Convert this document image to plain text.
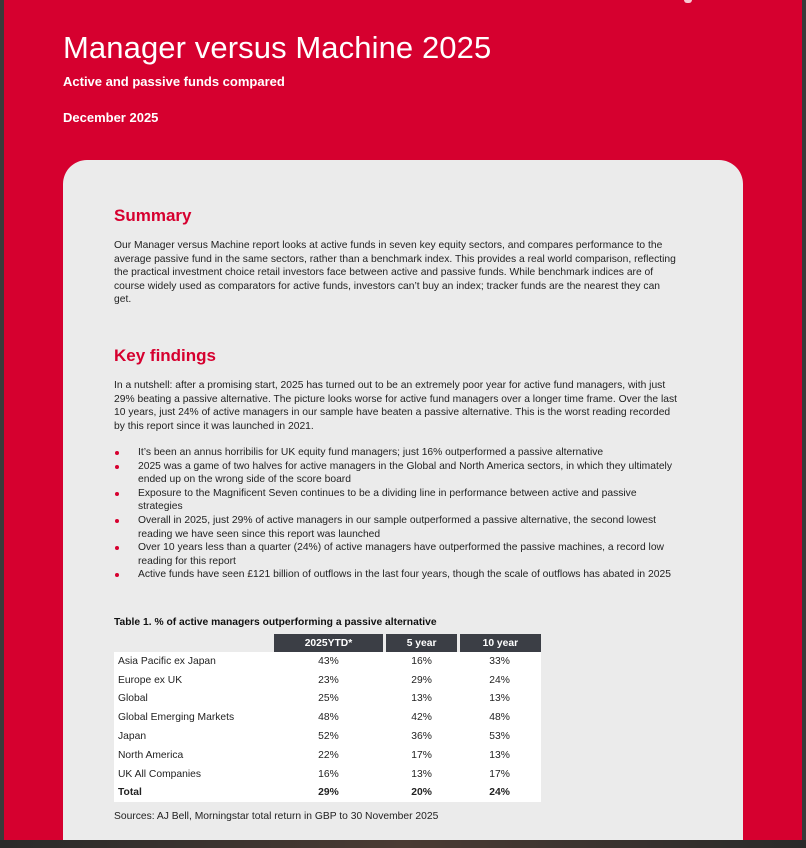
Manager versus Machine 2025
Active and passive funds compared
December 2025
Summary

Our Manager versus Machine report looks at active funds in seven key equity sectors, and compares performance to the average passive fund in the same sectors, rather than a benchmark index. This provides a real world comparison, reflecting the practical investment choice retail investors face between active and passive funds. While benchmark indices are of course widely used as comparators for active funds, investors can’t buy an index; tracker funds are the nearest they can get.

Key findings

In a nutshell: after a promising start, 2025 has turned out to be an extremely poor year for active fund managers, with just 29% beating a passive alternative. The picture looks worse for active fund managers over a longer time frame. Over the last 10 years, just 24% of active managers in our sample have beaten a passive alternative. This is the worst reading recorded by this report since it was launched in 2021.

It’s been an annus horribilis for UK equity fund managers; just 16% outperformed a passive alternative
2025 was a game of two halves for active managers in the Global and North America sectors, in which they ultimately ended up on the wrong side of the score board
Exposure to the Magnificent Seven continues to be a dividing line in performance between active and passive strategies
Overall in 2025, just 29% of active managers in our sample outperformed a passive alternative, the second lowest reading we have seen since this report was launched
Over 10 years less than a quarter (24%) of active managers have outperformed the passive machines, a record low reading for this report
Active funds have seen £121 billion of outflows in the last four years, though the scale of outflows has abated in 2025
Table 1. % of active managers outperforming a passive alternative
	2025YTD*	5 year	10 year
Asia Pacific ex Japan	43%	16%	33%
Europe ex UK	23%	29%	24%
Global	25%	13%	13%
Global Emerging Markets	48%	42%	48%
Japan	52%	36%	53%
North America	22%	17%	13%
UK All Companies	16%	13%	17%
Total	29%	20%	24%
Sources: AJ Bell, Morningstar total return in GBP to 30 November 2025
